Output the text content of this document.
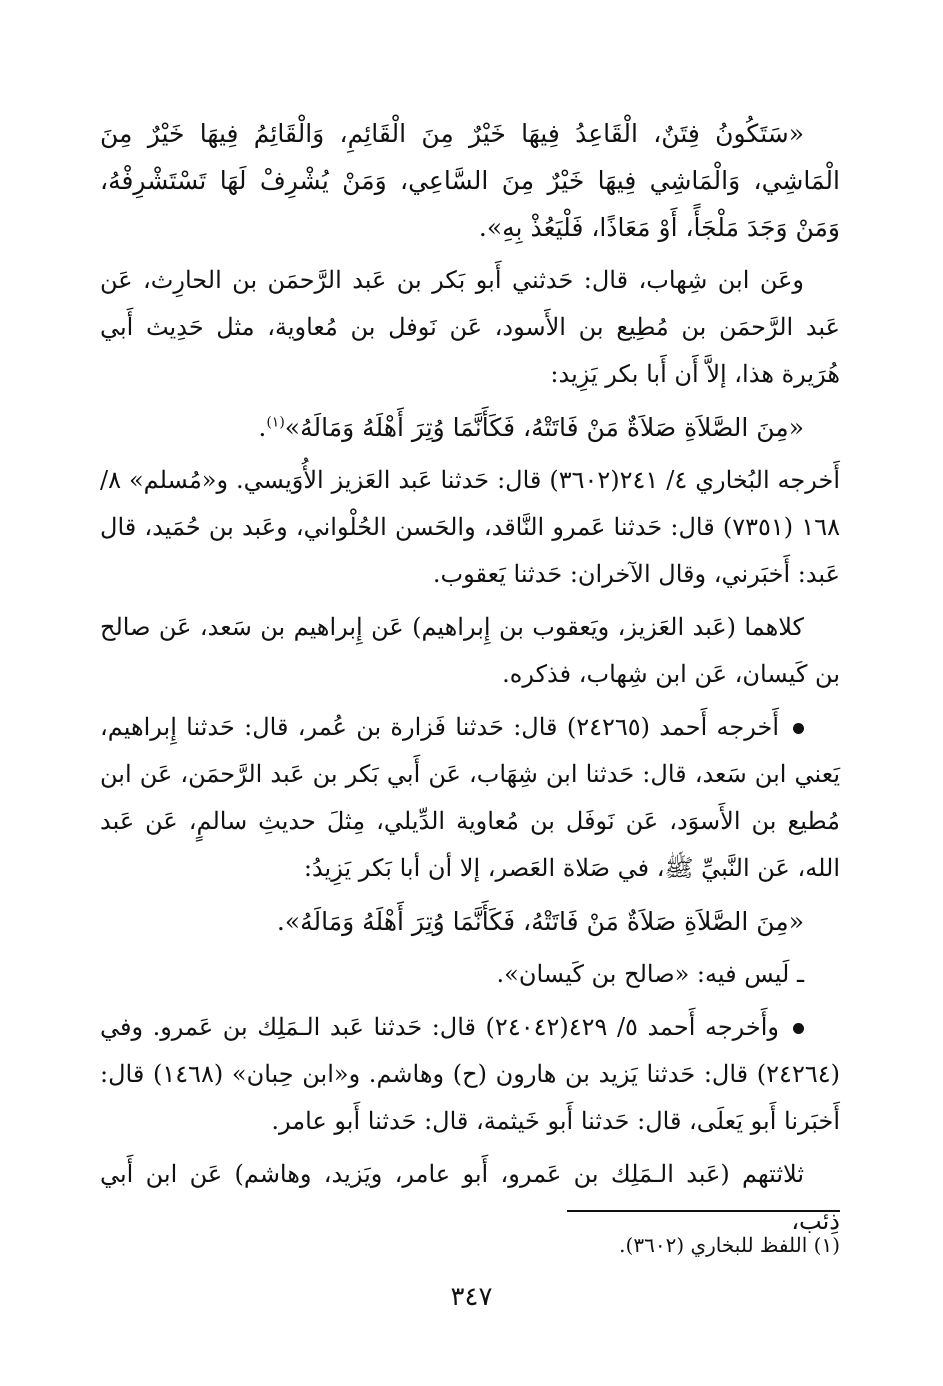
«سَتَكُونُ فِتَنٌ، الْقَاعِدُ فِيهَا خَيْرٌ مِنَ الْقَائِمِ، وَالْقَائِمُ فِيهَا خَيْرٌ مِنَ الْمَاشِي، وَالْمَاشِي فِيهَا خَيْرٌ مِنَ السَّاعِي، وَمَنْ يُشْرِفْ لَهَا تَسْتَشْرِفْهُ، وَمَنْ وَجَدَ مَلْجَأً، أَوْ مَعَاذًا، فَلْيَعُذْ بِهِ».

وعَن ابن شِهاب، قال: حَدثني أَبو بَكر بن عَبد الرَّحمَن بن الحارِث، عَن عَبد الرَّحمَن بن مُطِيع بن الأَسود، عَن نَوفل بن مُعاوية، مثل حَدِيث أَبي هُرَيرة هذا، إلاَّ أَن أَبا بكر يَزِيد:

«مِنَ الصَّلاَةِ صَلاَةٌ مَنْ فَاتَتْهُ، فَكَأَنَّمَا وُتِرَ أَهْلَهُ وَمَالَهُ»$^{(١)}$.

أَخرجه البُخاري ٤/ ٢٤١(٣٦٠٢) قال: حَدثنا عَبد العَزيز الأُوَيسي. و«مُسلم» ٨/ ١٦٨ (٧٣٥١) قال: حَدثنا عَمرو النَّاقد، والحَسن الحُلْواني، وعَبد بن حُمَيد، قال عَبد: أَخبَرني، وقال الآخران: حَدثنا يَعقوب.

كلاهما (عَبد العَزيز، ويَعقوب بن إِبراهيم) عَن إِبراهيم بن سَعد، عَن صالح بن كَيسان، عَن ابن شِهاب، فذكره.

أَخرجه أَحمد (٢٤٢٦٥) قال: حَدثنا فَزارة بن عُمر، قال: حَدثنا إِبراهيم، يَعني ابن سَعد، قال: حَدثنا ابن شِهَاب، عَن أَبي بَكر بن عَبد الرَّحمَن، عَن ابن مُطيع بن الأَسوَد، عَن نَوفَل بن مُعاوية الدِّيلي، مِثلَ حديثِ سالمٍ، عَن عَبد الله، عَن النَّبيِّ ﷺ، في صَلاة العَصر، إلا أن أبا بَكر يَزِيدُ:

«مِنَ الصَّلاَةِ صَلاَةٌ مَنْ فَاتَتْهُ، فَكَأَنَّمَا وُتِرَ أَهْلَهُ وَمَالَهُ».

ـ لَيس فيه: «صالح بن كَيسان».

وأَخرجه أَحمد ٥/ ٤٢٩(٢٤٠٤٢) قال: حَدثنا عَبد الـمَلِك بن عَمرو. وفي (٢٤٢٦٤) قال: حَدثنا يَزيد بن هارون (ح) وهاشم. و«ابن حِبان» (١٤٦٨) قال: أَخبَرنا أَبو يَعلَى، قال: حَدثنا أَبو خَيثمة، قال: حَدثنا أَبو عامر.

ثلاثتهم (عَبد الـمَلِك بن عَمرو، أَبو عامر، ويَزيد، وهاشم) عَن ابن أَبي ذِئب،

(١) اللفظ للبخاري (٣٦٠٢).
٣٤٧
